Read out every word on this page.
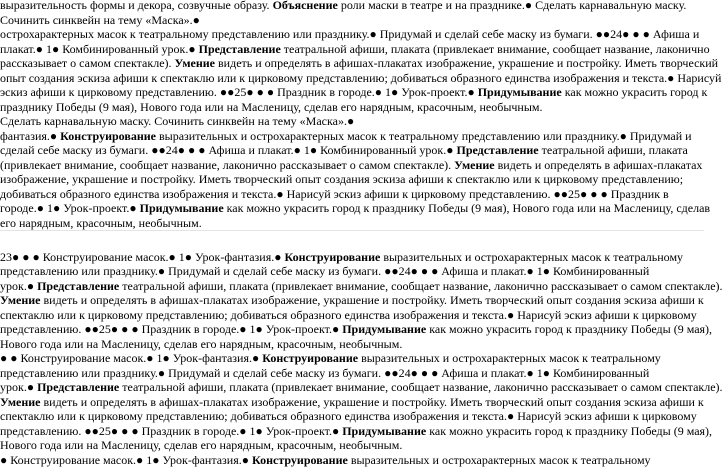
выразительность формы и декора, созвучные образу. Объяснение роли маски в театре и на празднике.● Сделать карнавальную маску.
Сочинить синквейн на тему «Маска».●
острохарактерных масок к театральному представлению или празднику.● Придумай и сделай себе маску из бумаги. ●●24● ● ● Афиша и
плакат.● 1● Комбинированный урок.● Представление театральной афиши, плаката (привлекает внимание, сообщает название, лаконично
рассказывает о самом спектакле). Умение видеть и определять в афишах-плакатах изображение, украшение и постройку. Иметь творческий
опыт создания эскиза афиши к спектаклю или к цирковому представлению; добиваться образного единства изображения и текста.● Нарисуй
эскиз афиши к цирковому представлению. ●●25● ● ● Праздник в городе.● 1● Урок-проект.● Придумывание как можно украсить город к
празднику Победы (9 мая), Нового года или на Масленицу, сделав его нарядным, красочным, необычным.
Сделать карнавальную маску. Сочинить синквейн на тему «Маска».●
фантазия.● Конструирование выразительных и острохарактерных масок к театральному представлению или празднику.● Придумай и
сделай себе маску из бумаги. ●●24● ● ● Афиша и плакат.● 1● Комбинированный урок.● Представление театральной афиши, плаката
(привлекает внимание, сообщает название, лаконично рассказывает о самом спектакле). Умение видеть и определять в афишах-плакатах
изображение, украшение и постройку. Иметь творческий опыт создания эскиза афиши к спектаклю или к цирковому представлению;
добиваться образного единства изображения и текста.● Нарисуй эскиз афиши к цирковому представлению. ●●25● ● ● Праздник в
городе.● 1● Урок-проект.● Придумывание как можно украсить город к празднику Победы (9 мая), Нового года или на Масленицу, сделав
его нарядным, красочным, необычным.
23● ● ● Конструирование масок.● 1● Урок-фантазия.● Конструирование выразительных и острохарактерных масок к театральному
представлению или празднику.● Придумай и сделай себе маску из бумаги. ●●24● ● ● Афиша и плакат.● 1● Комбинированный
урок.● Представление театральной афиши, плаката (привлекает внимание, сообщает название, лаконично рассказывает о самом спектакле).
Умение видеть и определять в афишах-плакатах изображение, украшение и постройку. Иметь творческий опыт создания эскиза афиши к
спектаклю или к цирковому представлению; добиваться образного единства изображения и текста.● Нарисуй эскиз афиши к цирковому
представлению. ●●25● ● ● Праздник в городе.● 1● Урок-проект.● Придумывание как можно украсить город к празднику Победы (9 мая),
Нового года или на Масленицу, сделав его нарядным, красочным, необычным.
● ● Конструирование масок.● 1● Урок-фантазия.● Конструирование выразительных и острохарактерных масок к театральному
представлению или празднику.● Придумай и сделай себе маску из бумаги. ●●24● ● ● Афиша и плакат.● 1● Комбинированный
урок.● Представление театральной афиши, плаката (привлекает внимание, сообщает название, лаконично рассказывает о самом спектакле).
Умение видеть и определять в афишах-плакатах изображение, украшение и постройку. Иметь творческий опыт создания эскиза афиши к
спектаклю или к цирковому представлению; добиваться образного единства изображения и текста.● Нарисуй эскиз афиши к цирковому
представлению. ●●25● ● ● Праздник в городе.● 1● Урок-проект.● Придумывание как можно украсить город к празднику Победы (9 мая),
Нового года или на Масленицу, сделав его нарядным, красочным, необычным.
● Конструирование масок.● 1● Урок-фантазия.● Конструирование выразительных и острохарактерных масок к театральному
